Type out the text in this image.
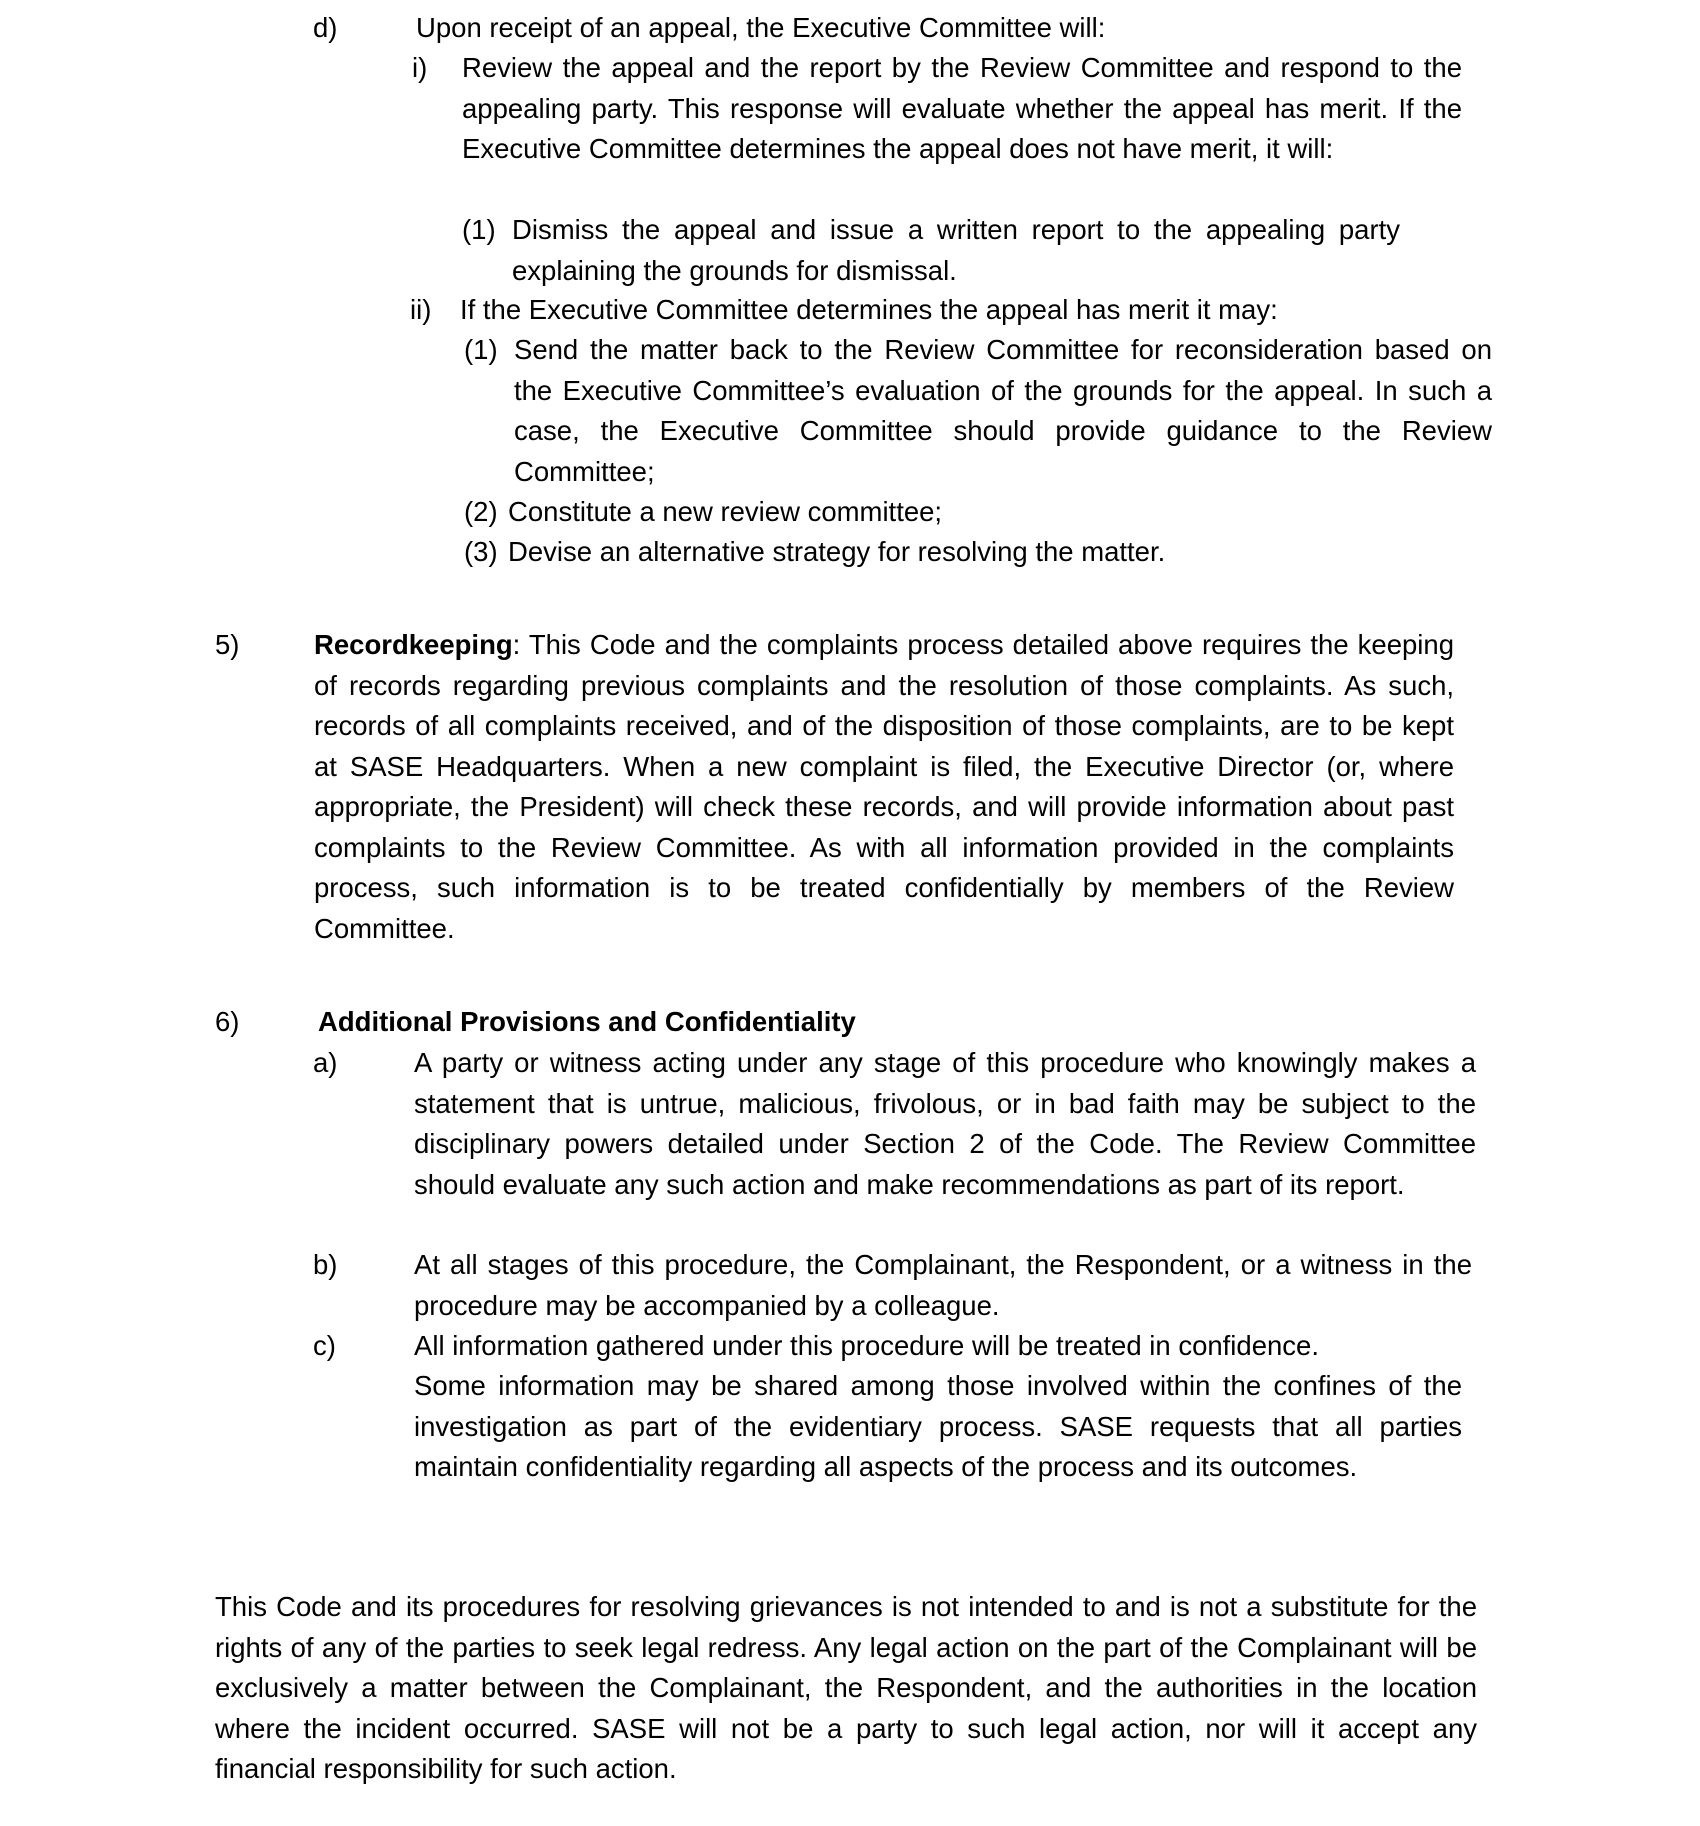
d)	Upon receipt of an appeal, the Executive Committee will:
i) Review the appeal and the report by the Review Committee and respond to the appealing party. This response will evaluate whether the appeal has merit. If the Executive Committee determines the appeal does not have merit, it will:

(1) Dismiss the appeal and issue a written report to the appealing party explaining the grounds for dismissal.

ii) If the Executive Committee determines the appeal has merit it may:
(1) Send the matter back to the Review Committee for reconsideration based on the Executive Committee’s evaluation of the grounds for the appeal. In such a case, the Executive Committee should provide guidance to the Review Committee;

(2) Constitute a new review committee;
(3) Devise an alternative strategy for resolving the matter.
5)	Recordkeeping: This Code and the complaints process detailed above requires the keeping of records regarding previous complaints and the resolution of those complaints. As such, records of all complaints received, and of the disposition of those complaints, are to be kept at SASE Headquarters. When a new complaint is filed, the Executive Director (or, where appropriate, the President) will check these records, and will provide information about past complaints to the Review Committee. As with all information provided in the complaints process, such information is to be treated confidentially by members of the Review Committee.

6)	Additional Provisions and Confidentiality
a)	A party or witness acting under any stage of this procedure who knowingly makes a statement that is untrue, malicious, frivolous, or in bad faith may be subject to the disciplinary powers detailed under Section 2 of the Code. The Review Committee should evaluate any such action and make recommendations as part of its report.

b)	At all stages of this procedure, the Complainant, the Respondent, or a witness in the procedure may be accompanied by a colleague.

c)	All information gathered under this procedure will be treated in confidence.

Some information may be shared among those involved within the confines of the investigation as part of the evidentiary process. SASE requests that all parties maintain confidentiality regarding all aspects of the process and its outcomes.

This Code and its procedures for resolving grievances is not intended to and is not a substitute for the rights of any of the parties to seek legal redress. Any legal action on the part of the Complainant will be exclusively a matter between the Complainant, the Respondent, and the authorities in the location where the incident occurred. SASE will not be a party to such legal action, nor will it accept any financial responsibility for such action.
